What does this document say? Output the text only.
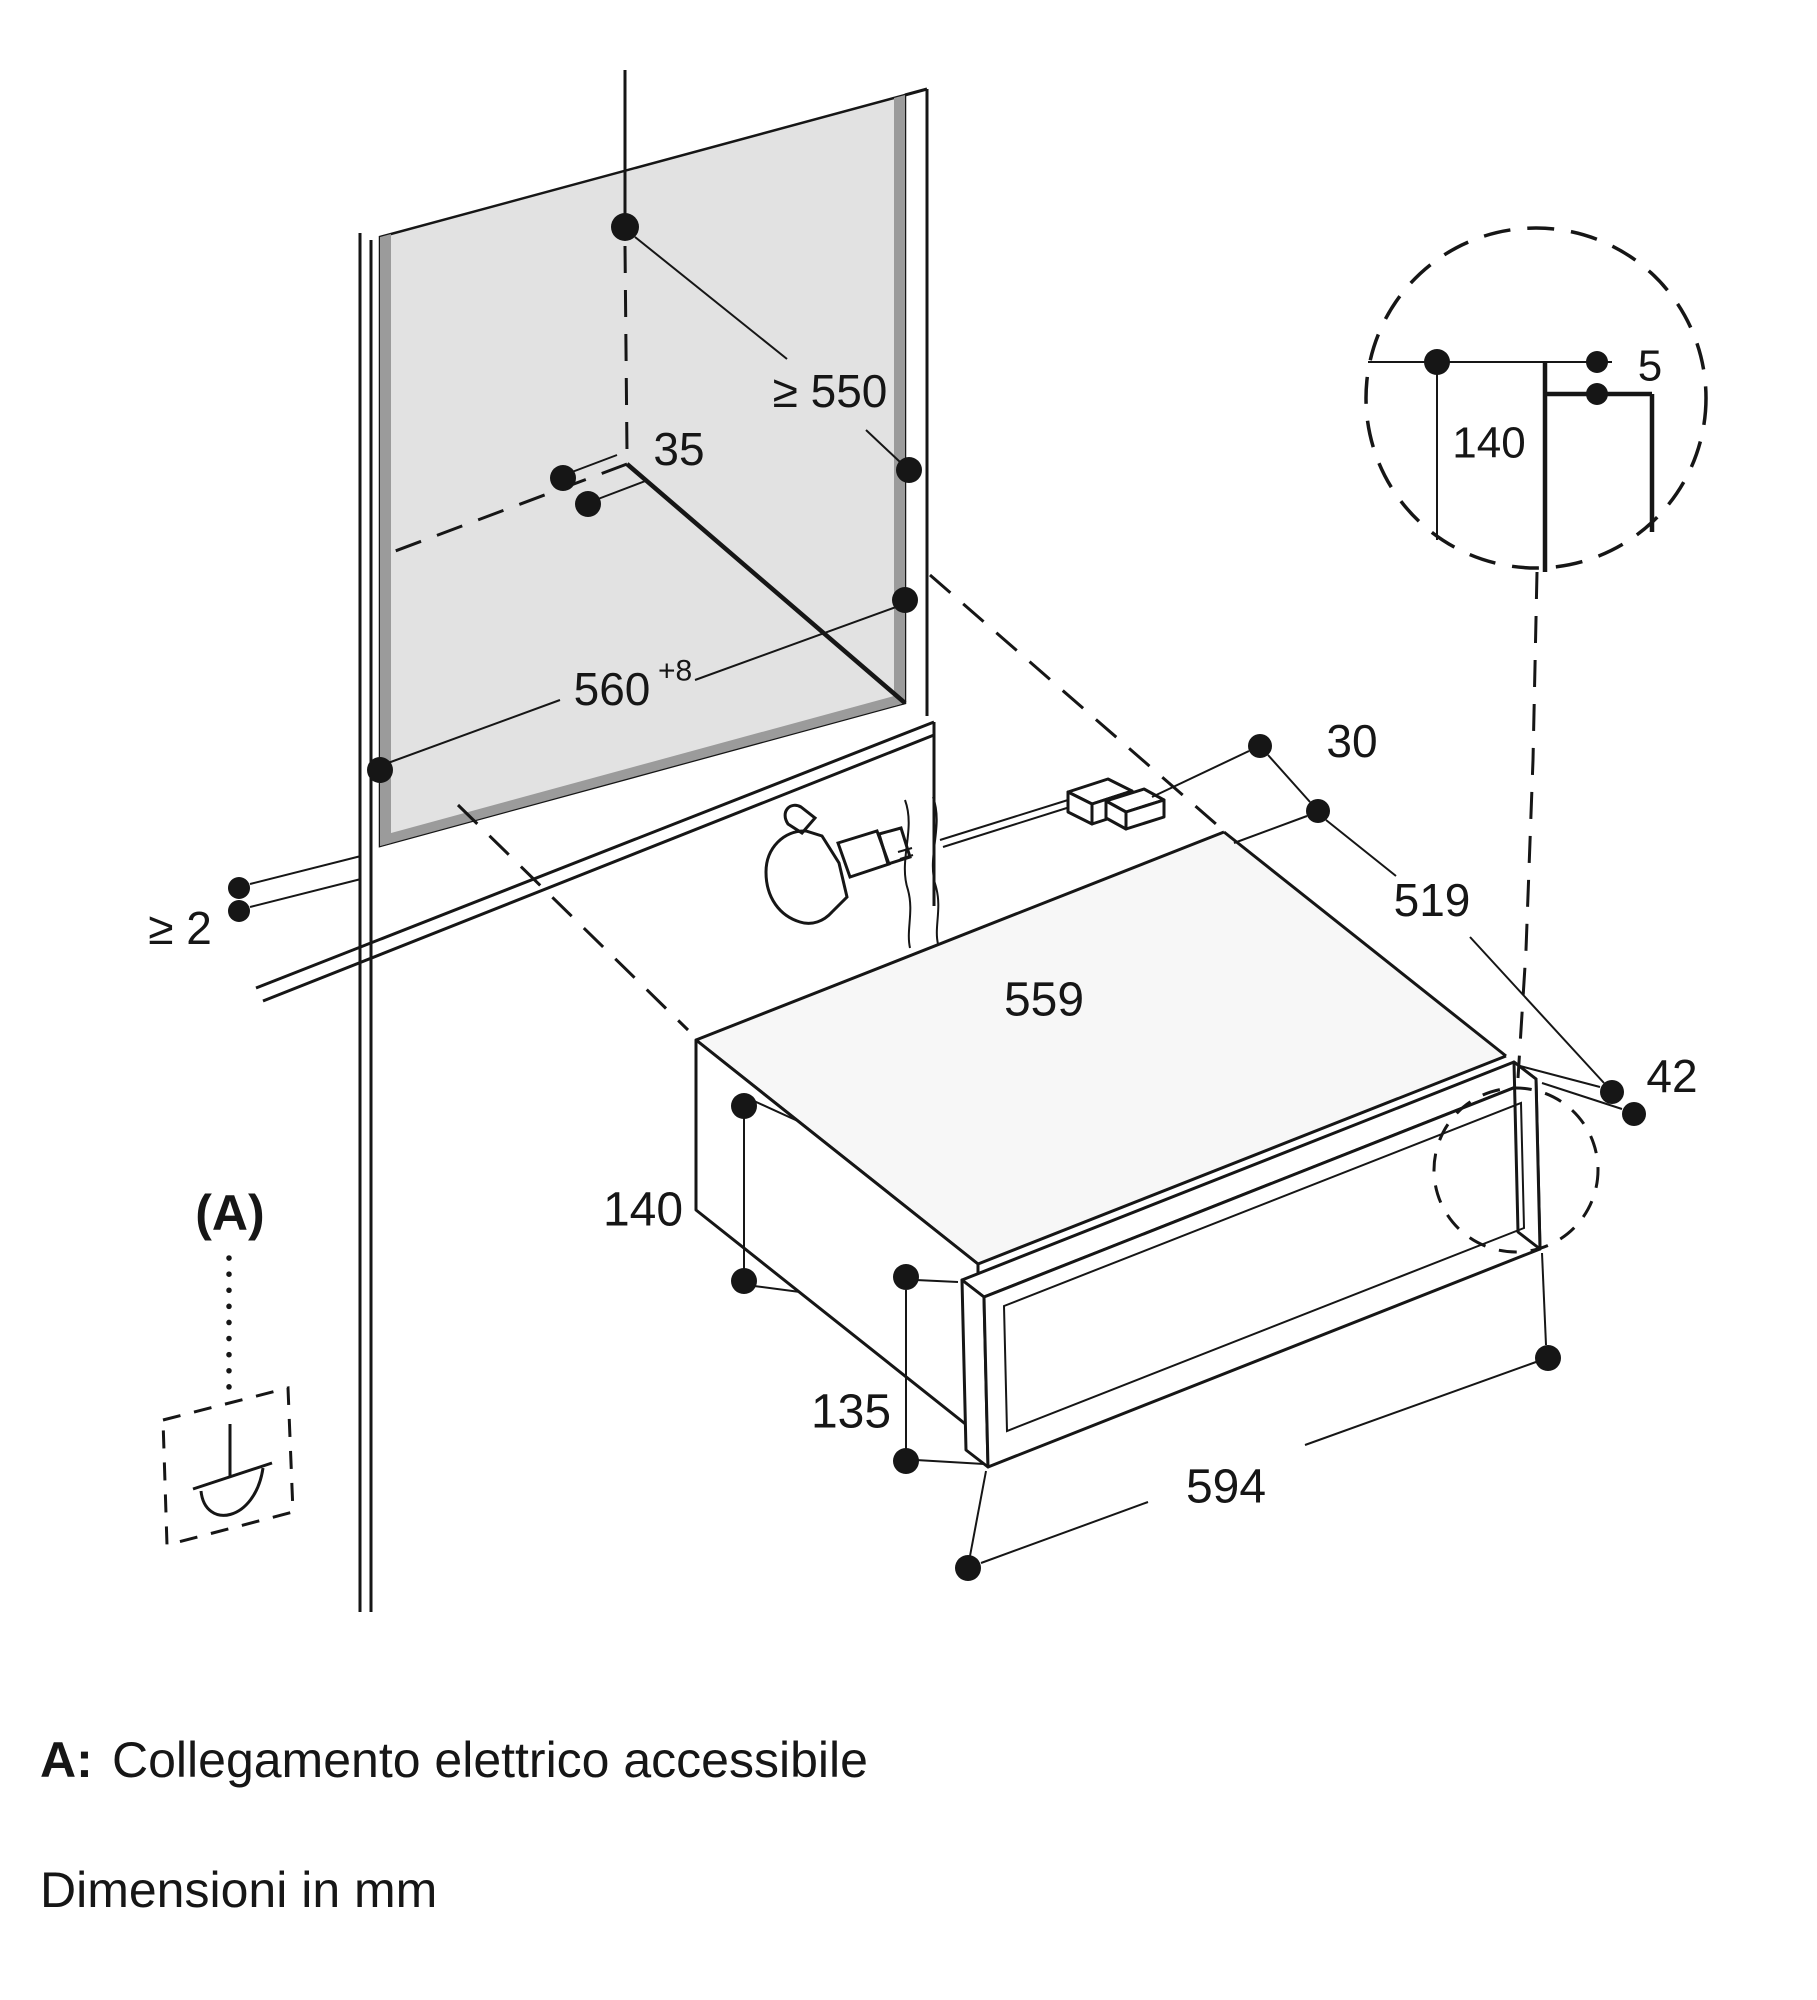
35
≥ 550
560 +8
≥ 2
559
140
135
594
30
519
42
5
140
(A)
A: Collegamento elettrico accessibile
Dimensioni in mm
